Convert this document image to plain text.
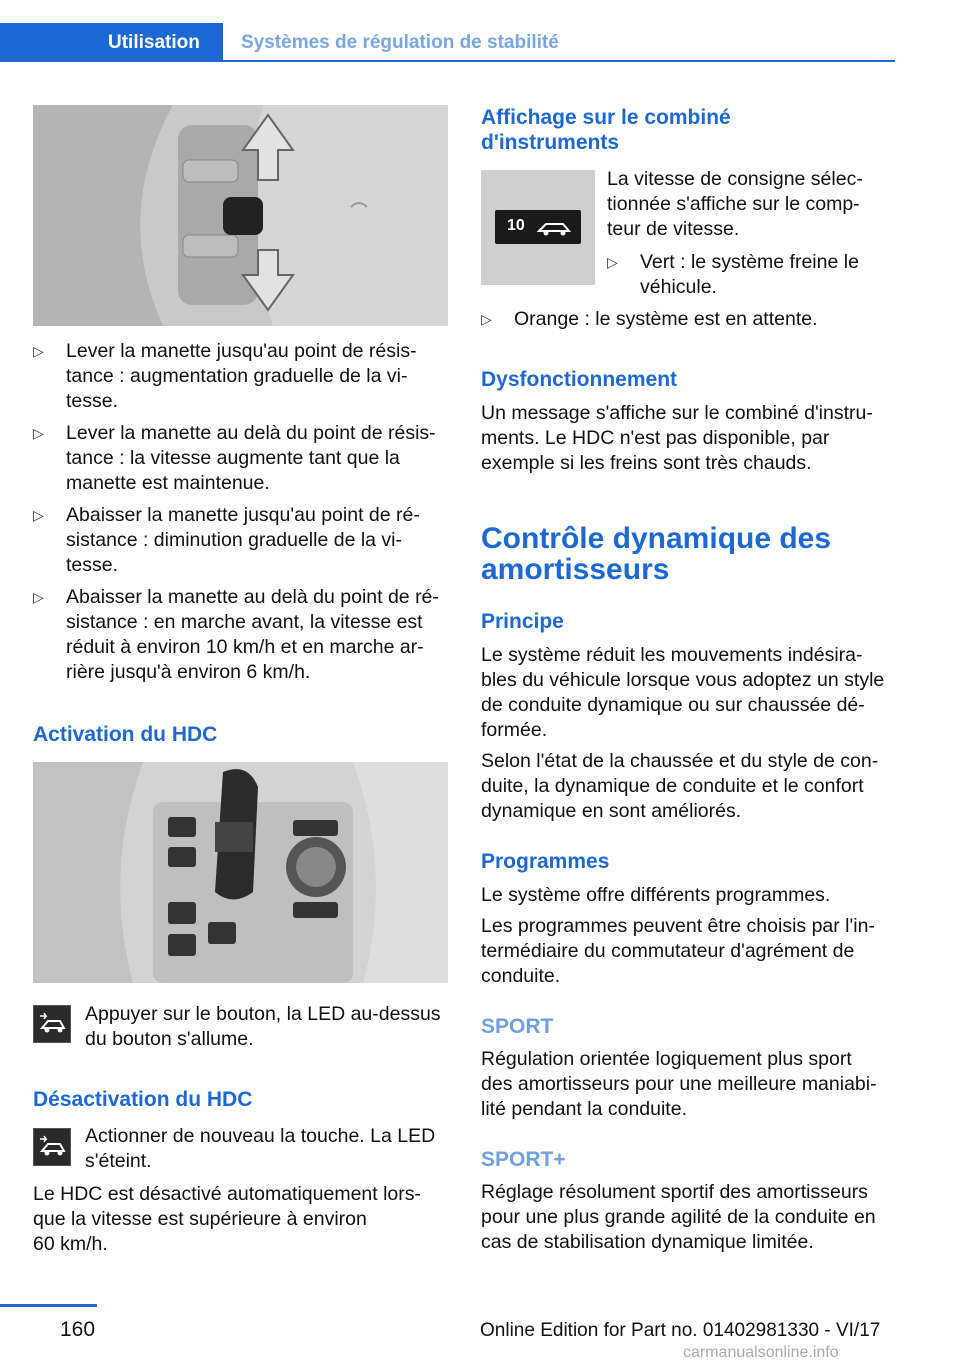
Utilisation	Systèmes de régulation de stabilité
▷ Lever la manette jusqu'au point de résis-
tance : augmentation graduelle de la vi-
tesse.
▷ Lever la manette au delà du point de résis-
tance : la vitesse augmente tant que la
manette est maintenue.
▷ Abaisser la manette jusqu'au point de ré-
sistance : diminution graduelle de la vi-
tesse.
▷ Abaisser la manette au delà du point de ré-
sistance : en marche avant, la vitesse est
réduit à environ 10 km/h et en marche ar-
rière jusqu'à environ 6 km/h.
Activation du HDC
Appuyer sur le bouton, la LED au-dessus
du bouton s'allume.
Désactivation du HDC
Actionner de nouveau la touche. La LED
s'éteint.
Le HDC est désactivé automatiquement lors-
que la vitesse est supérieure à environ
60 km/h.
Affichage sur le combiné
d'instruments
10
La vitesse de consigne sélec-
tionnée s'affiche sur le comp-
teur de vitesse.
▷ Vert : le système freine le
véhicule.
▷ Orange : le système est en attente.
Dysfonctionnement
Un message s'affiche sur le combiné d'instru-
ments. Le HDC n'est pas disponible, par
exemple si les freins sont très chauds.
Contrôle dynamique des
amortisseurs
Principe
Le système réduit les mouvements indésira-
bles du véhicule lorsque vous adoptez un style
de conduite dynamique ou sur chaussée dé-
formée.
Selon l'état de la chaussée et du style de con-
duite, la dynamique de conduite et le confort
dynamique en sont améliorés.
Programmes
Le système offre différents programmes.
Les programmes peuvent être choisis par l'in-
termédiaire du commutateur d'agrément de
conduite.
SPORT
Régulation orientée logiquement plus sport
des amortisseurs pour une meilleure maniabi-
lité pendant la conduite.
SPORT+
Réglage résolument sportif des amortisseurs
pour une plus grande agilité de la conduite en
cas de stabilisation dynamique limitée.
160	Online Edition for Part no. 01402981330 - VI/17
carmanualsonline.info
